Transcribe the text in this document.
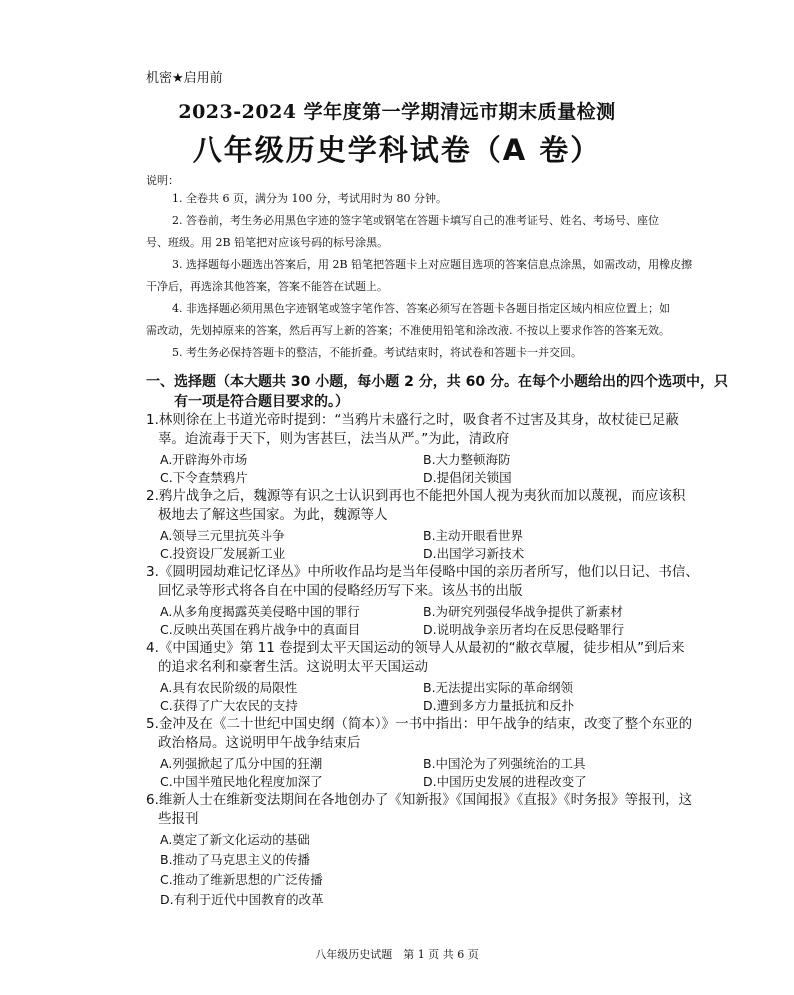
机密★启用前
2023-2024 学年度第一学期清远市期末质量检测
八年级历史学科试卷（A 卷）
说明：
1. 全卷共 6 页，满分为 100 分，考试用时为 80 分钟。
2. 答卷前，考生务必用黑色字迹的签字笔或钢笔在答题卡填写自己的准考证号、姓名、考场号、座位
号、班级。用 2B 铅笔把对应该号码的标号涂黑。
3. 选择题每小题选出答案后，用 2B 铅笔把答题卡上对应题目选项的答案信息点涂黑，如需改动，用橡皮擦
干净后，再选涂其他答案，答案不能答在试题上。
4. 非选择题必须用黑色字迹钢笔或签字笔作答、答案必须写在答题卡各题目指定区域内相应位置上；如
需改动，先划掉原来的答案，然后再写上新的答案；不准使用铅笔和涂改液. 不按以上要求作答的答案无效。
5. 考生务必保持答题卡的整洁，不能折叠。考试结束时，将试卷和答题卡一并交回。
一、选择题（本大题共 30 小题，每小题 2 分，共 60 分。在每个小题给出的四个选项中，只
有一项是符合题目要求的。）
1.林则徐在上书道光帝时提到：“当鸦片未盛行之时，吸食者不过害及其身，故杖徒已足蔽
辜。迨流毒于天下，则为害甚巨，法当从严。”为此，清政府
A.开辟海外市场	B.大力整顿海防
C.下令查禁鸦片	D.提倡闭关锁国
2.鸦片战争之后，魏源等有识之士认识到再也不能把外国人视为夷狄而加以蔑视，而应该积
极地去了解这些国家。为此，魏源等人
A.领导三元里抗英斗争	B.主动开眼看世界
C.投资设厂发展新工业	D.出国学习新技术
3.《圆明园劫难记忆译丛》中所收作品均是当年侵略中国的亲历者所写，他们以日记、书信、
回忆录等形式将各自在中国的侵略经历写下来。该丛书的出版
A.从多角度揭露英美侵略中国的罪行	B.为研究列强侵华战争提供了新素材
C.反映出英国在鸦片战争中的真面目	D.说明战争亲历者均在反思侵略罪行
4.《中国通史》第 11 卷提到太平天国运动的领导人从最初的“敝衣草履，徒步相从”到后来
的追求名利和豪奢生活。这说明太平天国运动
A.具有农民阶级的局限性	B.无法提出实际的革命纲领
C.获得了广大农民的支持	D.遭到多方力量抵抗和反扑
5.金冲及在《二十世纪中国史纲（简本）》一书中指出：甲午战争的结束，改变了整个东亚的
政治格局。这说明甲午战争结束后
A.列强掀起了瓜分中国的狂潮	B.中国沦为了列强统治的工具
C.中国半殖民地化程度加深了	D.中国历史发展的进程改变了
6.维新人士在维新变法期间在各地创办了《知新报》《国闻报》《直报》《时务报》等报刊，这
些报刊
A.奠定了新文化运动的基础
B.推动了马克思主义的传播
C.推动了维新思想的广泛传播
D.有利于近代中国教育的改革
八年级历史试题　第 1 页 共 6 页
